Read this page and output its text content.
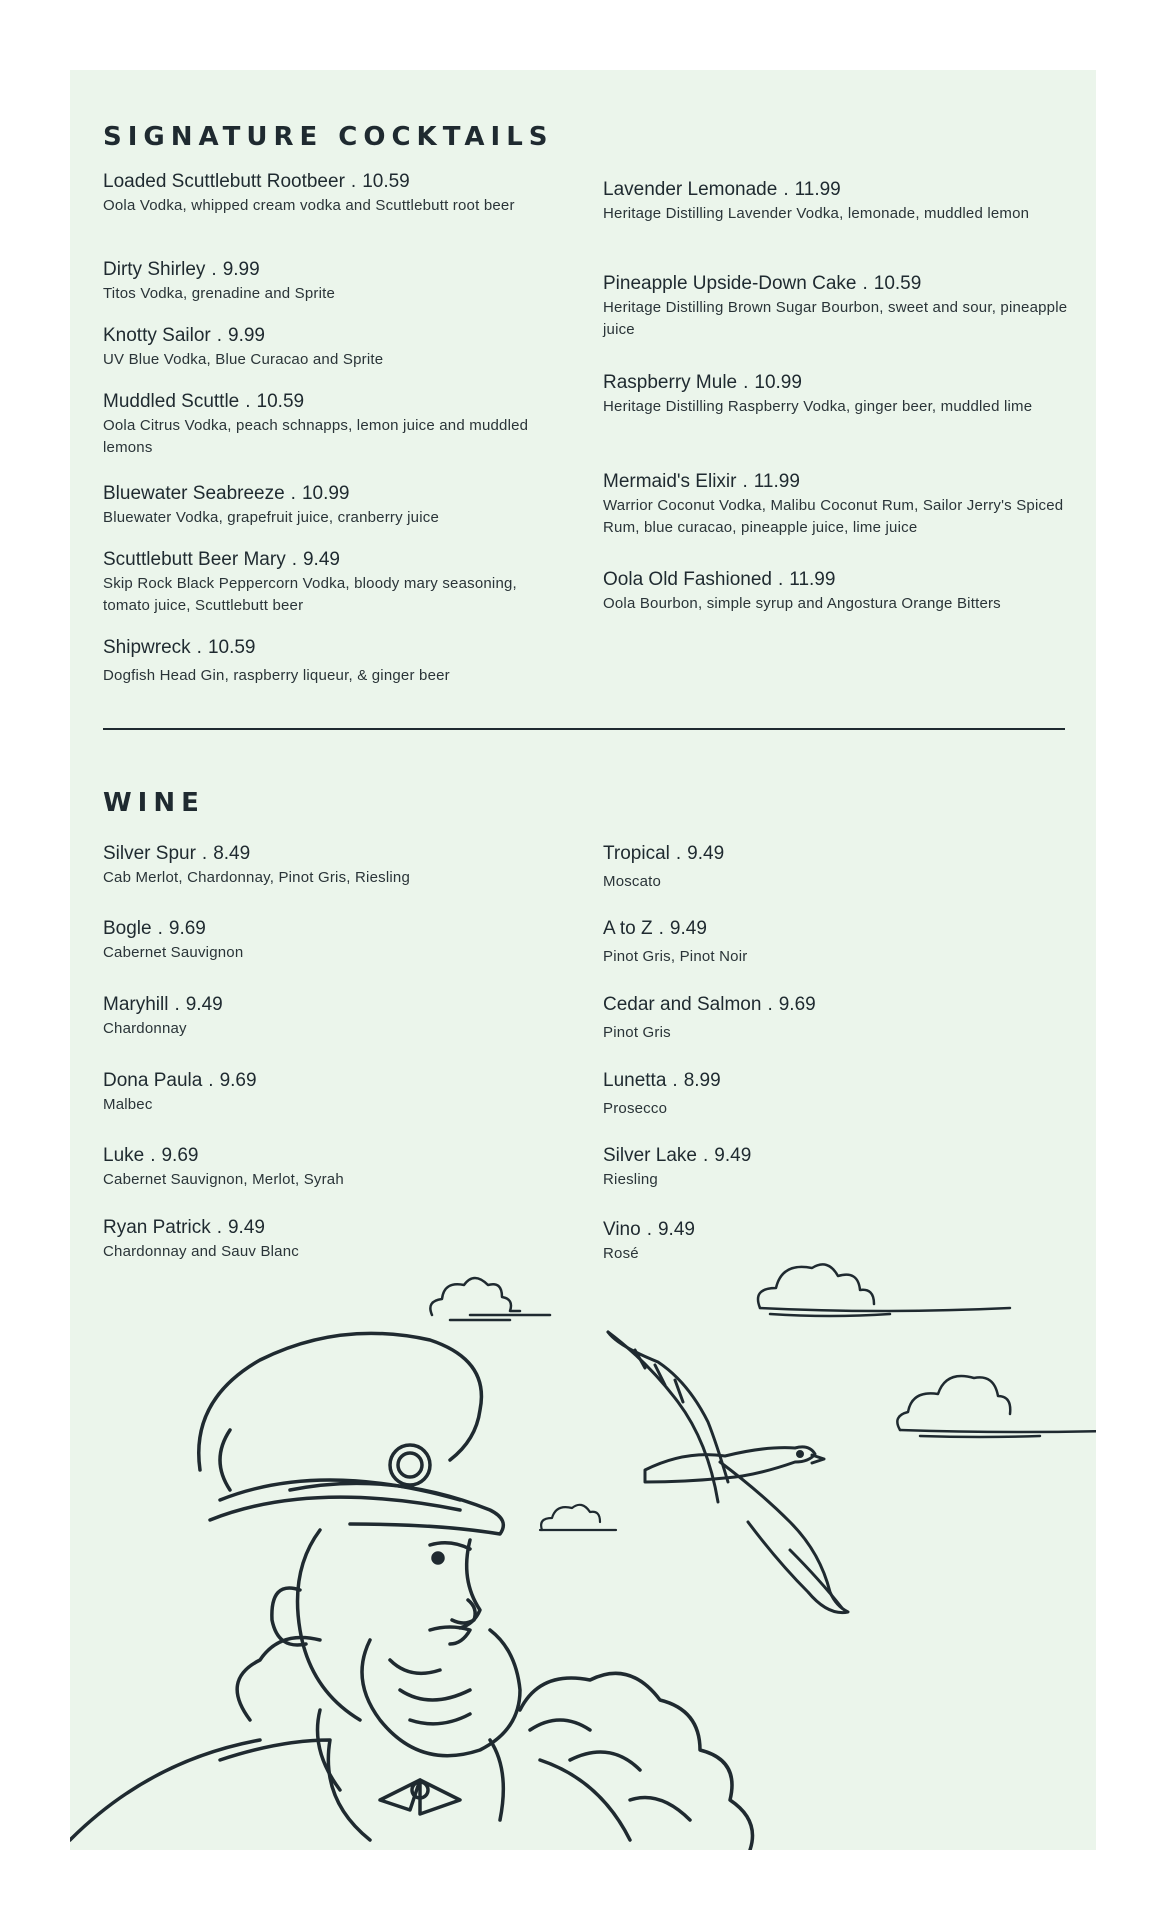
SIGNATURE COCKTAILS
Loaded Scuttlebutt Rootbeer . 10.59
Oola Vodka, whipped cream vodka and Scuttlebutt root beer
Dirty Shirley . 9.99
Titos Vodka, grenadine and Sprite
Knotty Sailor . 9.99
UV Blue Vodka, Blue Curacao and Sprite
Muddled Scuttle . 10.59
Oola Citrus Vodka, peach schnapps, lemon juice and muddled lemons
Bluewater Seabreeze . 10.99
Bluewater Vodka, grapefruit juice, cranberry juice
Scuttlebutt Beer Mary . 9.49
Skip Rock Black Peppercorn Vodka, bloody mary seasoning, tomato juice, Scuttlebutt beer
Shipwreck . 10.59
Dogfish Head Gin, raspberry liqueur, & ginger beer
Lavender Lemonade . 11.99
Heritage Distilling Lavender Vodka, lemonade, muddled lemon
Pineapple Upside-Down Cake . 10.59
Heritage Distilling Brown Sugar Bourbon, sweet and sour, pineapple juice
Raspberry Mule . 10.99
Heritage Distilling Raspberry Vodka, ginger beer, muddled lime
Mermaid's Elixir . 11.99
Warrior Coconut Vodka, Malibu Coconut Rum, Sailor Jerry's Spiced Rum, blue curacao, pineapple juice, lime juice
Oola Old Fashioned . 11.99
Oola Bourbon, simple syrup and Angostura Orange Bitters
WINE
Silver Spur . 8.49
Cab Merlot, Chardonnay, Pinot Gris, Riesling
Bogle . 9.69
Cabernet Sauvignon
Maryhill . 9.49
Chardonnay
Dona Paula . 9.69
Malbec
Luke . 9.69
Cabernet Sauvignon, Merlot, Syrah
Ryan Patrick . 9.49
Chardonnay and Sauv Blanc
Tropical . 9.49
Moscato
A to Z . 9.49
Pinot Gris, Pinot Noir
Cedar and Salmon . 9.69
Pinot Gris
Lunetta . 8.99
Prosecco
Silver Lake . 9.49
Riesling
Vino . 9.49
Rosé
